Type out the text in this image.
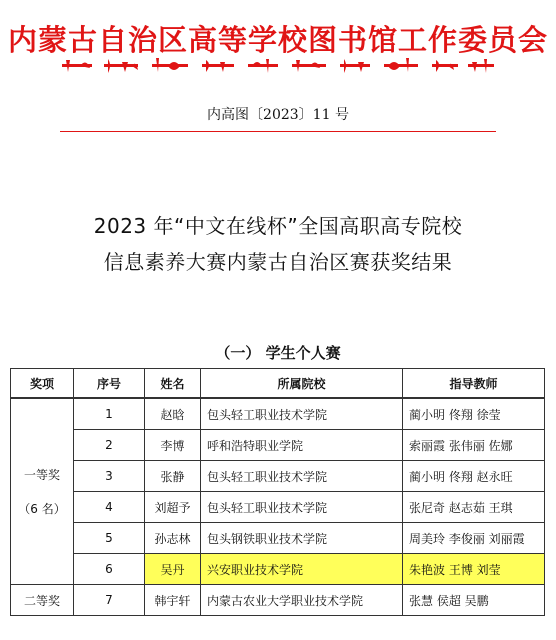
内蒙古自治区高等学校图书馆工作委员会
内高图〔2023〕11 号
2023 年“中文在线杯”全国高职高专院校
信息素养大赛内蒙古自治区赛获奖结果
（一） 学生个人赛
奖项	序号	姓名	所属院校	指导教师

一等奖
（6 名）	1	赵晗	包头轻工职业技术学院	蔺小明 佟翔 徐莹
	2	李博	呼和浩特职业学院	索丽霞 张伟丽 佐娜
	3	张静	包头轻工职业技术学院	蔺小明 佟翔 赵永旺
	4	刘超予	包头轻工职业技术学院	张尼奇 赵志茹 王琪
	5	孙志林	包头钢铁职业技术学院	周美玲 李俊丽 刘丽霞
	6	吴丹	兴安职业技术学院	朱艳波 王博 刘莹
二等奖	7	韩宇轩	内蒙古农业大学职业技术学院	张慧 侯超 吴鹏
